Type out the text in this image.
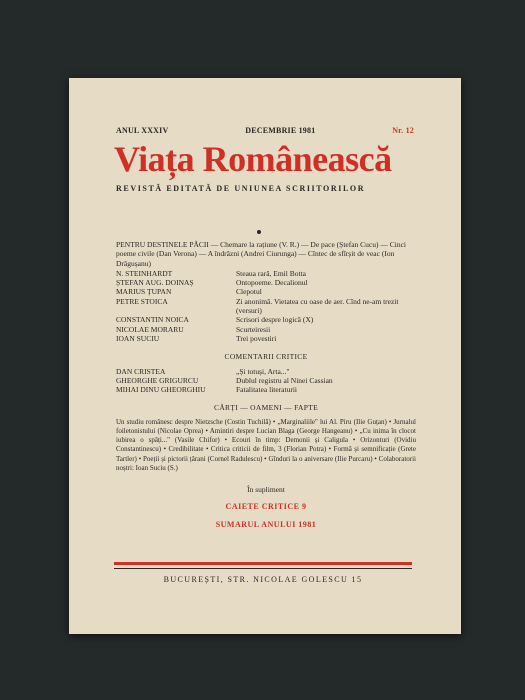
ANUL XXXIV	DECEMBRIE 1981	Nr. 12
Viața Românească
REVISTĂ EDITATĂ DE UNIUNEA SCRIITORILOR
PENTRU DESTINELE PĂCII — Chemare la rațiune (V. R.) — De pace (Ștefan Cucu) — Cinci poeme civile (Dan Verona) — A îndrăzni (Andrei Ciurunga) — Cîntec de sfîrșit de veac (Ion Drăgușanu)
N. STEINHARDT	Steaua rară, Emil Botta
ȘTEFAN AUG. DOINAȘ	Ontopoeme. Decalionul
MARIUS ȚUPAN	Clepotul
PETRE STOICA	Zi anonimă. Vietatea cu oase de aer. Cînd ne-am trezit (versuri)
CONSTANTIN NOICA	Scrisori despre logică (X)
NICOLAE MORARU	Scurteiresii
IOAN SUCIU	Trei povestiri
COMENTARII CRITICE
DAN CRISTEA	„Și totuși, Arta..."
GHEORGHE GRIGURCU	Dublul registru al Ninei Cassian
MIHAI DINU GHEORGHIU	Fatalitatea literaturii
CĂRȚI — OAMENI — FAPTE
Un studiu românesc despre Nietzsche (Costin Tuchilă) • „Marginaliile" lui Al. Piru (Ilie Guțan) • Jurnalul foiletonistului (Nicolae Oprea) • Amintiri despre Lucian Blaga (George Hangeanu) • „Cu inima în clocot iubirea o spăți..." (Vasile Chifor) • Ecouri în timp: Demonii și Caligula • Orizonturi (Ovidiu Constantinescu) • Credibilitate • Critica criticii de film, 3 (Florian Potra) • Formă și semnificație (Grete Tartler) • Poeții și pictorii țărani (Cornel Radulescu) • Gînduri la o aniversare (Ilie Purcaru) • Colaboratorii noștri: Ioan Suciu (S.)
În supliment
CAIETE CRITICE 9
SUMARUL ANULUI 1981
BUCUREȘTI, STR. NICOLAE GOLESCU 15
